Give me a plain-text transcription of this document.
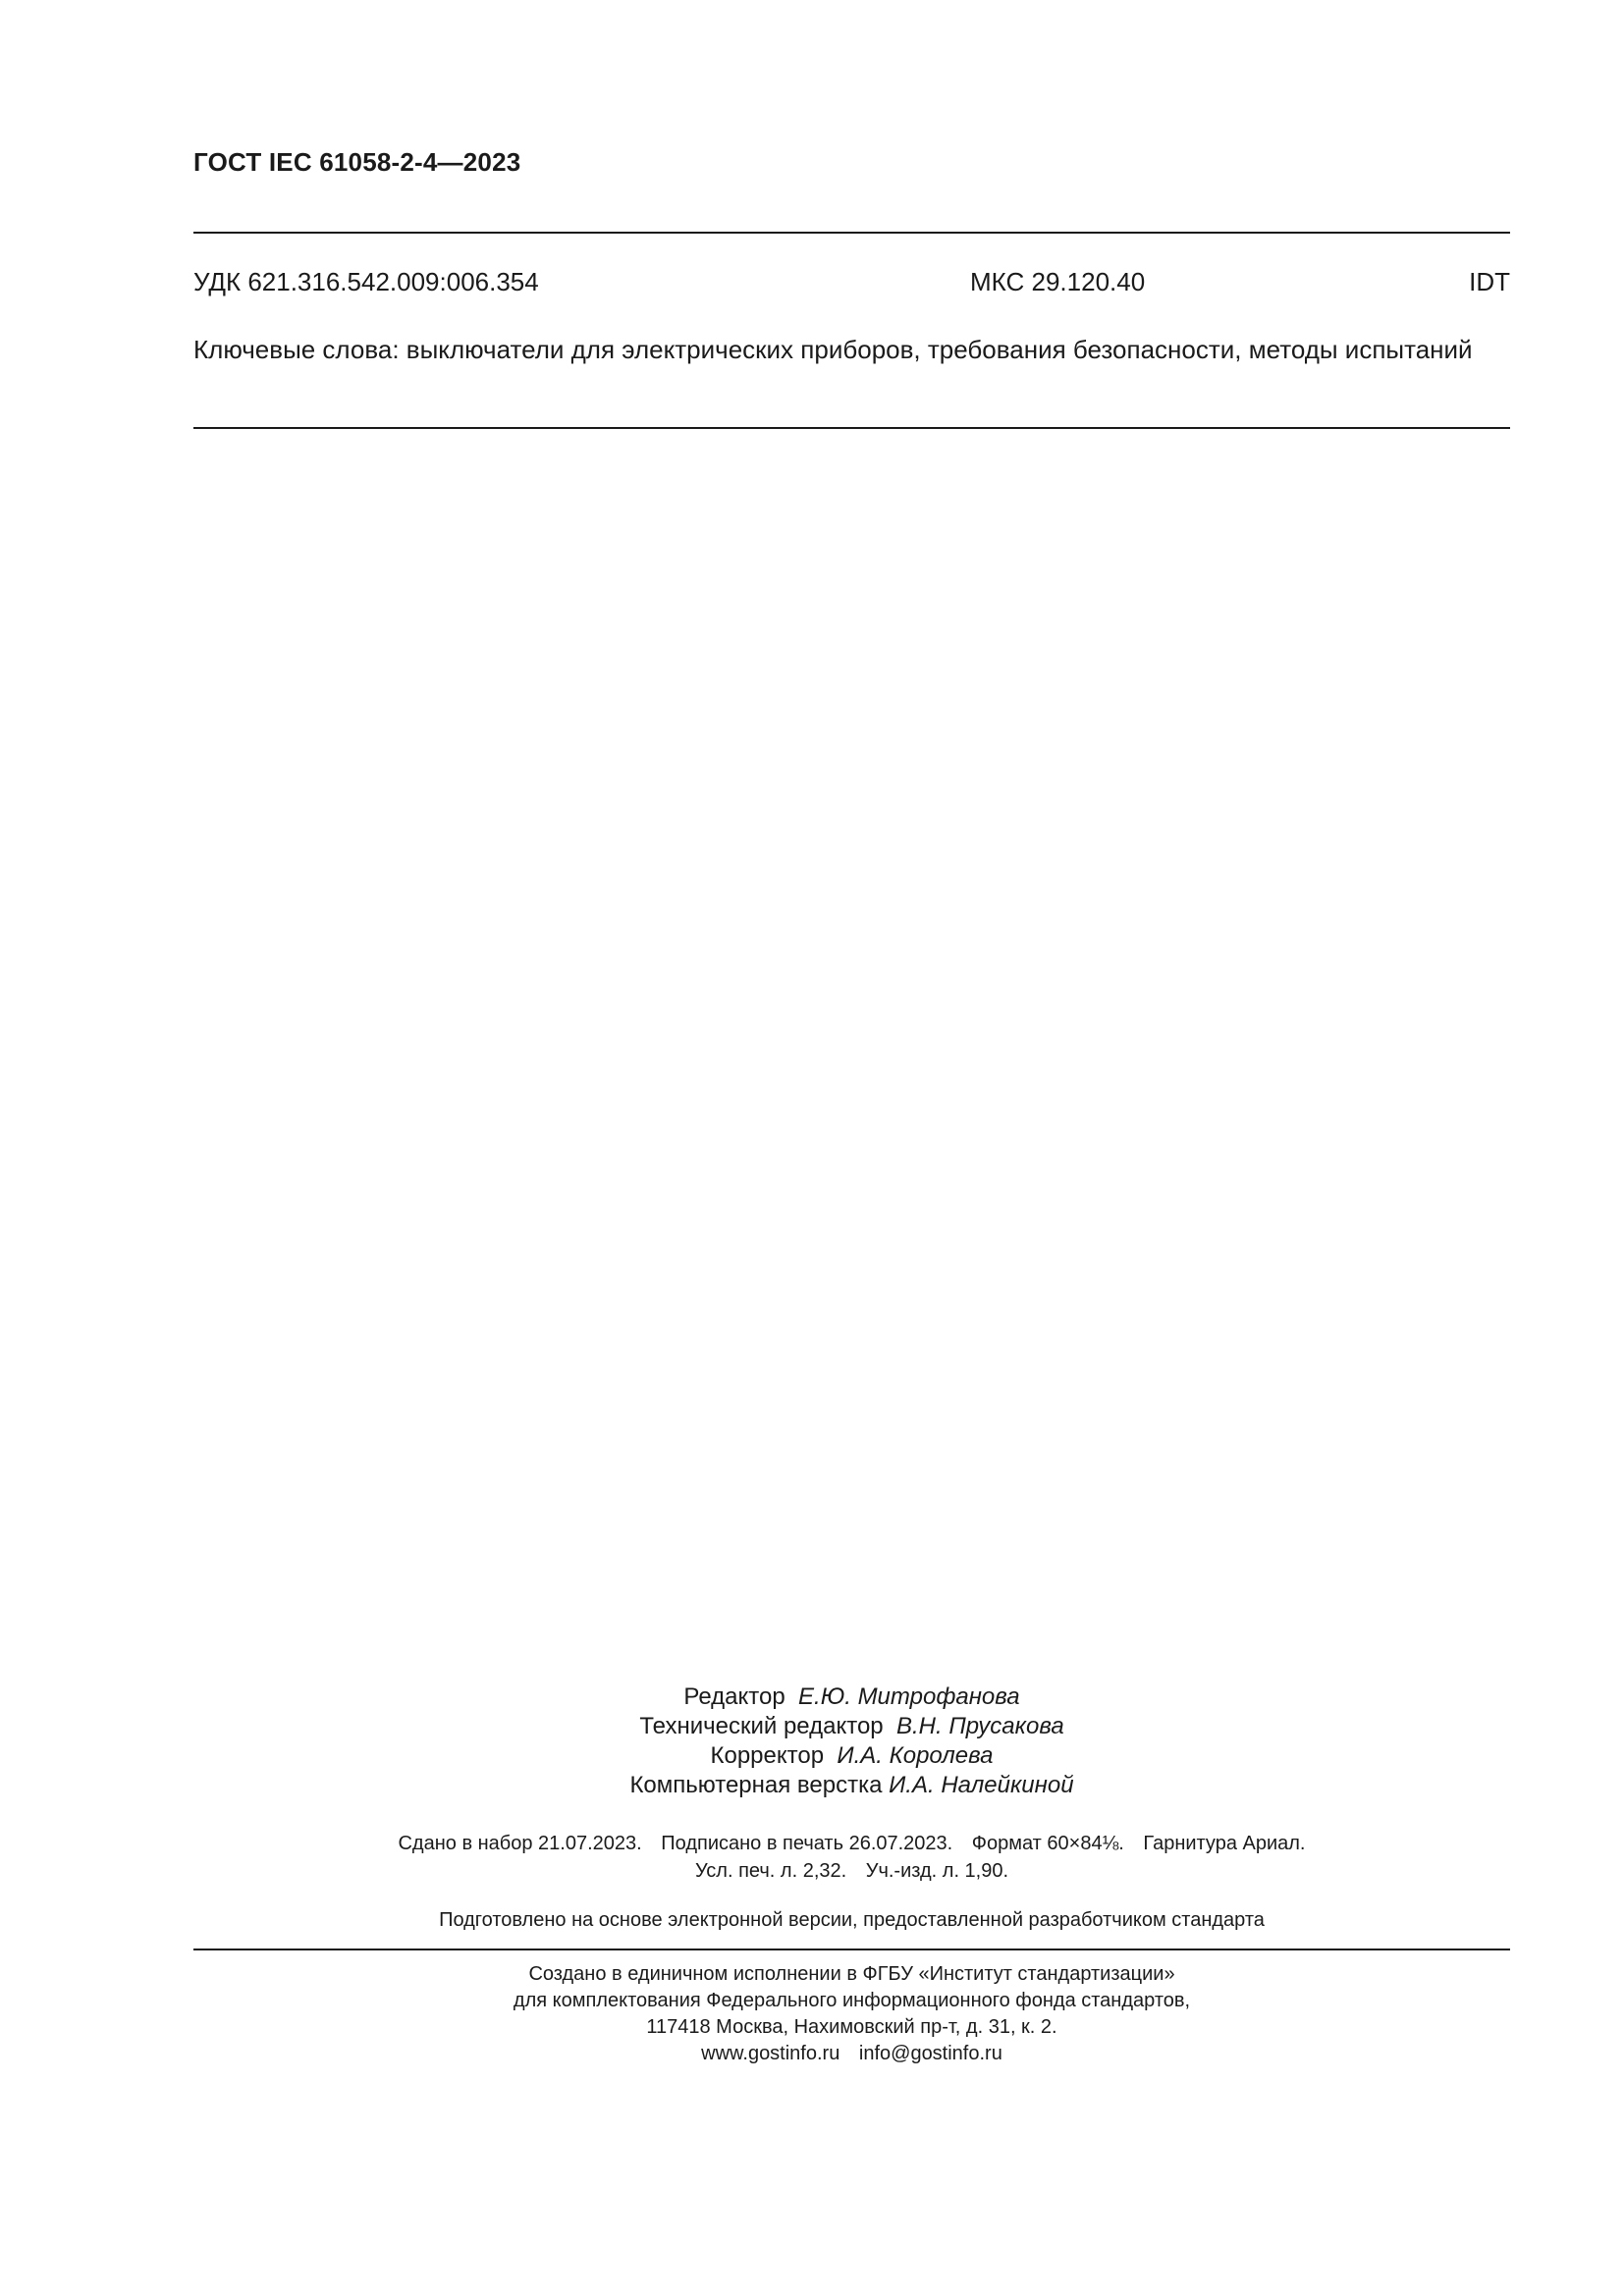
ГОСТ IEC 61058-2-4—2023
УДК 621.316.542.009:006.354	МКС 29.120.40	IDT
Ключевые слова: выключатели для электрических приборов, требования безопасности, методы испытаний
Редактор Е.Ю. Митрофанова
Технический редактор В.Н. Прусакова
Корректор И.А. Королева
Компьютерная верстка И.А. Налейкиной
Сдано в набор 21.07.2023. Подписано в печать 26.07.2023. Формат 60×84⅛. Гарнитура Ариал.
Усл. печ. л. 2,32. Уч.-изд. л. 1,90.
Подготовлено на основе электронной версии, предоставленной разработчиком стандарта
Создано в единичном исполнении в ФГБУ «Институт стандартизации»
для комплектования Федерального информационного фонда стандартов,
117418 Москва, Нахимовский пр-т, д. 31, к. 2.
www.gostinfo.ru info@gostinfo.ru
